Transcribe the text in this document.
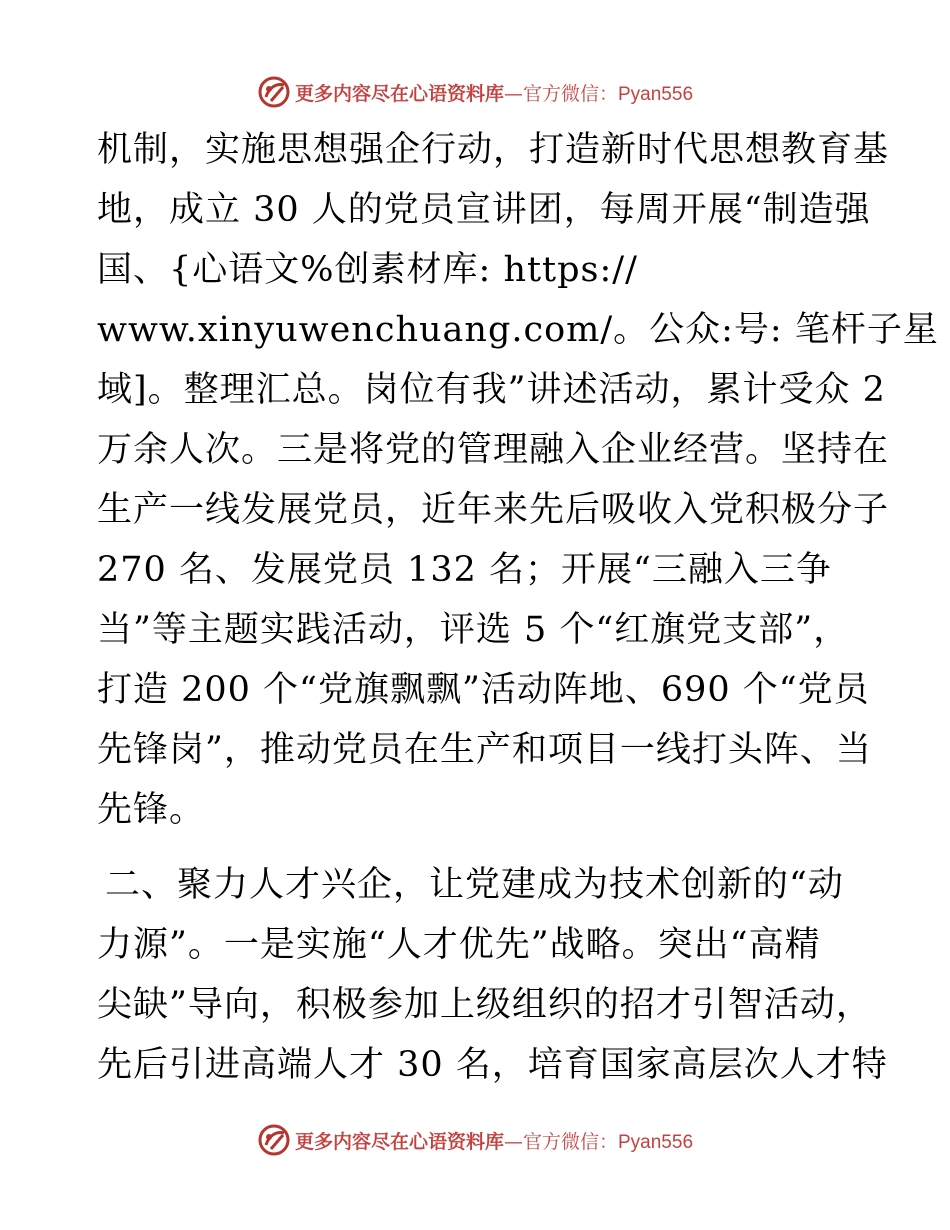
更多内容尽在心语资料库—官方微信：Pyan556
机制，实施思想强企行动，打造新时代思想教育基
地，成立 30 人的党员宣讲团，每周开展“制造强
国、{心语文%创素材库: https://
www.xinyuwenchuang.com/。公众:号: 笔杆子星
域]。整理汇总。岗位有我”讲述活动，累计受众 2
万余人次。三是将党的管理融入企业经营。坚持在
生产一线发展党员，近年来先后吸收入党积极分子
270 名、发展党员 132 名；开展“三融入三争
当”等主题实践活动，评选 5 个“红旗党支部”，
打造 200 个“党旗飘飘”活动阵地、690 个“党员
先锋岗”，推动党员在生产和项目一线打头阵、当
先锋。
二、聚力人才兴企，让党建成为技术创新的“动
力源”。一是实施“人才优先”战略。突出“高精
尖缺”导向，积极参加上级组织的招才引智活动，
先后引进高端人才 30 名，培育国家高层次人才特
更多内容尽在心语资料库—官方微信：Pyan556
